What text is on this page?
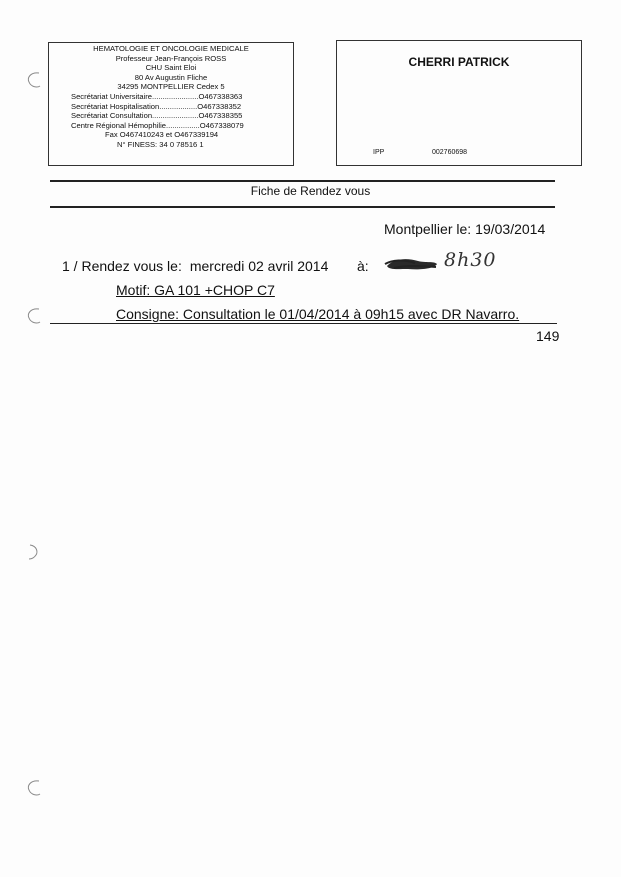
HEMATOLOGIE ET ONCOLOGIE MEDICALE
Professeur Jean-François ROSS
CHU Saint Eloi
80 Av Augustin Fliche
34295 MONTPELLIER Cedex 5
Secrétariat Universitaire......................O467338363
Secrétariat Hospitalisation..................O467338352
Secrétariat Consultation......................O467338355
Centre Régional Hémophilie................O467338079
Fax O467410243 et O467339194
N° FINESS: 34 0 78516 1
CHERRI PATRICK
IPP	002760698
Fiche de Rendez vous
Montpellier le: 19/03/2014
1 / Rendez vous le: mercredi 02 avril 2014 à:	8h30
Motif: GA 101 +CHOP C7
Consigne: Consultation le 01/04/2014 à 09h15 avec DR Navarro.
149
